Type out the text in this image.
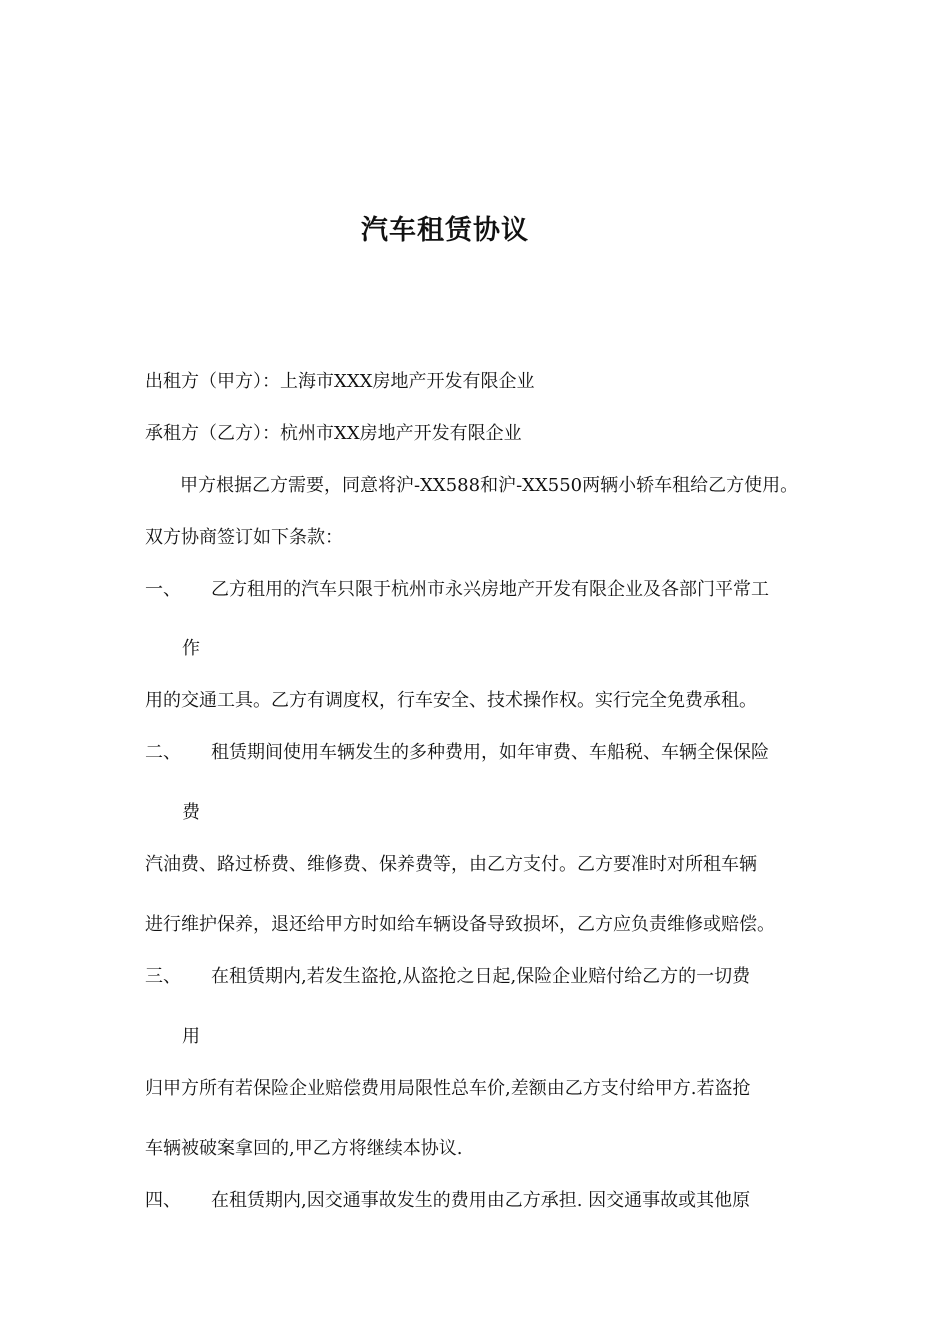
汽车租赁协议
出租方（甲方）：上海市XXX房地产开发有限企业
承租方（乙方）：杭州市XX房地产开发有限企业
甲方根据乙方需要，同意将沪-XX588和沪-XX550两辆小轿车租给乙方使用。
双方协商签订如下条款：
一、 乙方租用的汽车只限于杭州市永兴房地产开发有限企业及各部门平常工
作
用的交通工具。乙方有调度权，行车安全、技术操作权。实行完全免费承租。
二、 租赁期间使用车辆发生的多种费用，如年审费、车船税、车辆全保保险
费
汽油费、路过桥费、维修费、保养费等，由乙方支付。乙方要准时对所租车辆
进行维护保养，退还给甲方时如给车辆设备导致损坏，乙方应负责维修或赔偿。
三、 在租赁期内,若发生盗抢,从盗抢之日起,保险企业赔付给乙方的一切费
用
归甲方所有若保险企业赔偿费用局限性总车价,差额由乙方支付给甲方.若盗抢
车辆被破案拿回的,甲乙方将继续本协议.
四、 在租赁期内,因交通事故发生的费用由乙方承担. 因交通事故或其他原
